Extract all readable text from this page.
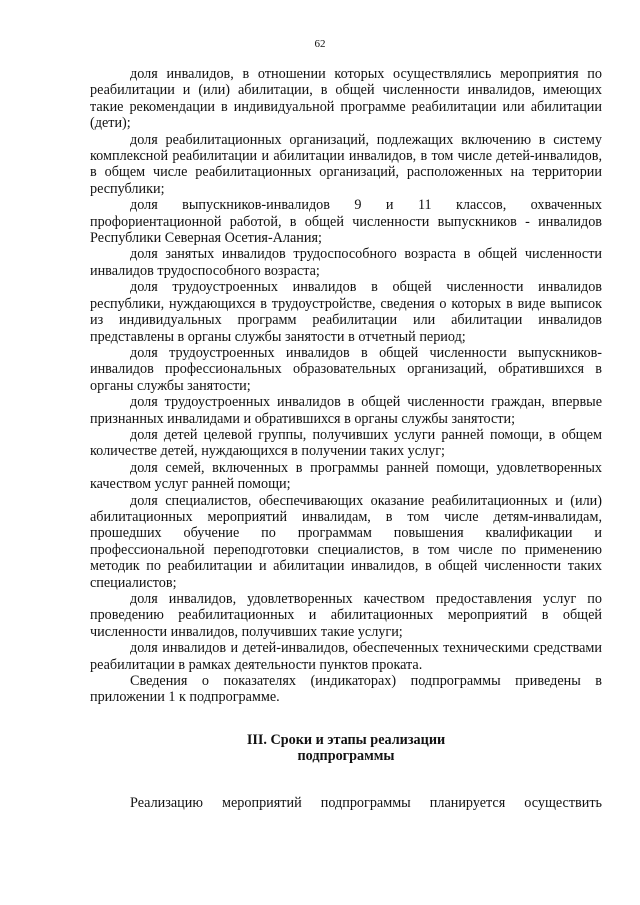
62

доля инвалидов, в отношении которых осуществлялись мероприятия по реабилитации и (или) абилитации, в общей численности инвалидов, имеющих такие рекомендации в индивидуальной программе реабилитации или абилитации (дети);

доля реабилитационных организаций, подлежащих включению в систему комплексной реабилитации и абилитации инвалидов, в том числе детей-инвалидов, в общем числе реабилитационных организаций, расположенных на территории республики;

доля выпускников-инвалидов 9 и 11 классов, охваченных профориентационной работой, в общей численности выпускников - инвалидов Республики Северная Осетия-Алания;

доля занятых инвалидов трудоспособного возраста в общей численности инвалидов трудоспособного возраста;

доля трудоустроенных инвалидов в общей численности инвалидов республики, нуждающихся в трудоустройстве, сведения о которых в виде выписок из индивидуальных программ реабилитации или абилитации инвалидов представлены в органы службы занятости в отчетный период;

доля трудоустроенных инвалидов в общей численности выпускников-инвалидов профессиональных образовательных организаций, обратившихся в органы службы занятости;

доля трудоустроенных инвалидов в общей численности граждан, впервые признанных инвалидами и обратившихся в органы службы занятости;

доля детей целевой группы, получивших услуги ранней помощи, в общем количестве детей, нуждающихся в получении таких услуг;

доля семей, включенных в программы ранней помощи, удовлетворенных качеством услуг ранней помощи;

доля специалистов, обеспечивающих оказание реабилитационных и (или) абилитационных мероприятий инвалидам, в том числе детям-инвалидам, прошедших обучение по программам повышения квалификации и профессиональной переподготовки специалистов, в том числе по применению методик по реабилитации и абилитации инвалидов, в общей численности таких специалистов;

доля инвалидов, удовлетворенных качеством предоставления услуг по проведению реабилитационных и абилитационных мероприятий в общей численности инвалидов, получивших такие услуги;

доля инвалидов и детей-инвалидов, обеспеченных техническими средствами реабилитации в рамках деятельности пунктов проката.

Сведения о показателях (индикаторах) подпрограммы приведены в приложении 1 к подпрограмме.

III. Сроки и этапы реализации
подпрограммы

Реализацию мероприятий подпрограммы планируется осуществить
